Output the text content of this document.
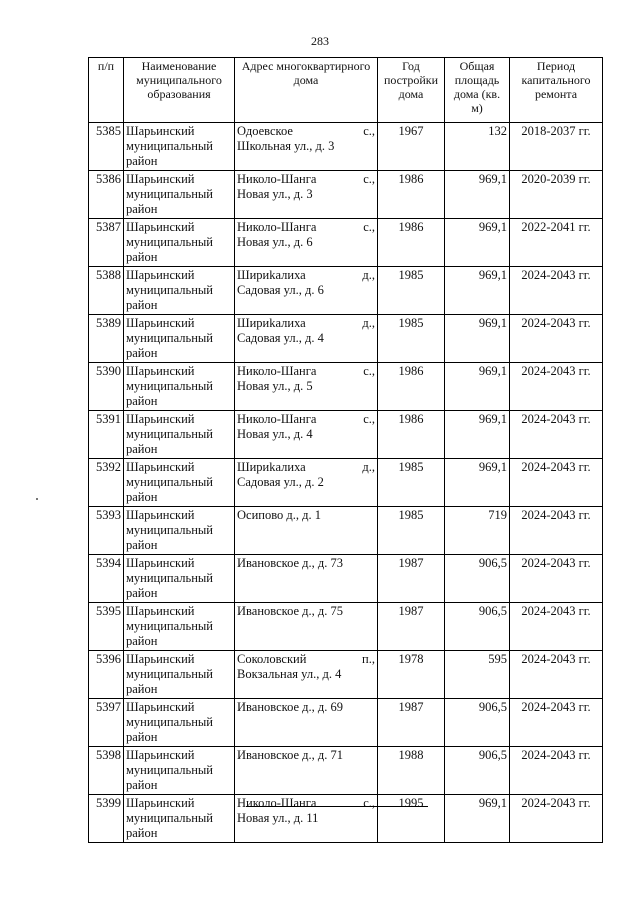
283
п/п	Наименование муниципального образования	Адрес многоквартирного дома	Год постройки дома	Общая площадь дома (кв. м)	Период капитального ремонта
5385	Шарьинский муниципальный район	Одоевское с.,
Школьная ул., д. 3	1967	132	2018-2037 гг.
5386	Шарьинский муниципальный район	Николо-Шанга с.,
Новая ул., д. 3	1986	969,1	2020-2039 гг.
5387	Шарьинский муниципальный район	Николо-Шанга с.,
Новая ул., д. 6	1986	969,1	2022-2041 гг.
5388	Шарьинский муниципальный район	Шириkалиха д.,
Садовая ул., д. 6	1985	969,1	2024-2043 гг.
5389	Шарьинский муниципальный район	Шириkалиха д.,
Садовая ул., д. 4	1985	969,1	2024-2043 гг.
5390	Шарьинский муниципальный район	Николо-Шанга с.,
Новая ул., д. 5	1986	969,1	2024-2043 гг.
5391	Шарьинский муниципальный район	Николо-Шанга с.,
Новая ул., д. 4	1986	969,1	2024-2043 гг.
5392	Шарьинский муниципальный район	Шириkалиха д.,
Садовая ул., д. 2	1985	969,1	2024-2043 гг.
5393	Шарьинский муниципальный район	Осипово д., д. 1	1985	719	2024-2043 гг.
5394	Шарьинский муниципальный район	Ивановское д., д. 73	1987	906,5	2024-2043 гг.
5395	Шарьинский муниципальный район	Ивановское д., д. 75	1987	906,5	2024-2043 гг.
5396	Шарьинский муниципальный район	Соколовский п.,
Вокзальная ул., д. 4	1978	595	2024-2043 гг.
5397	Шарьинский муниципальный район	Ивановское д., д. 69	1987	906,5	2024-2043 гг.
5398	Шарьинский муниципальный район	Ивановское д., д. 71	1988	906,5	2024-2043 гг.
5399	Шарьинский муниципальный район	Николо-Шанга с.,
Новая ул., д. 11	1995	969,1	2024-2043 гг.
